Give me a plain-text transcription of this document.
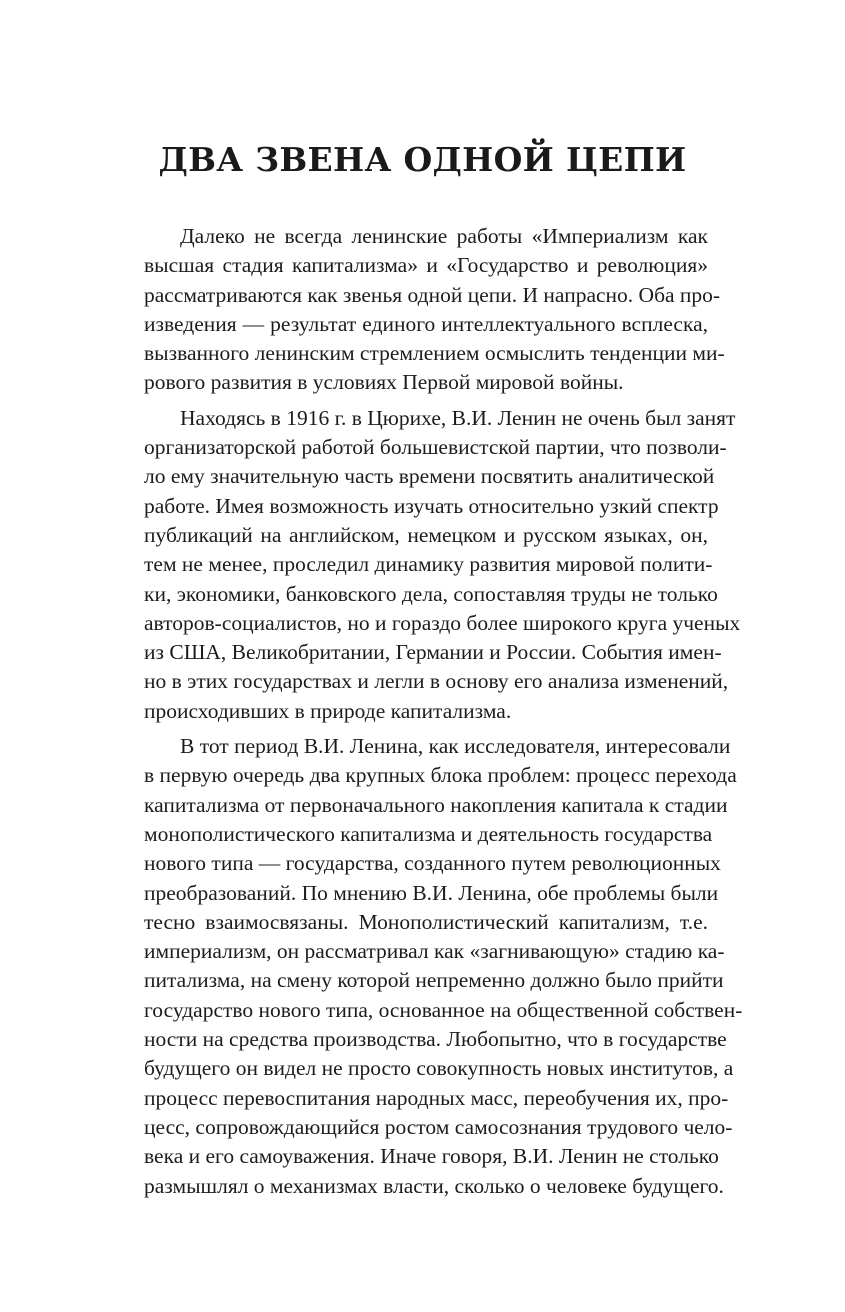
ДВА ЗВЕНА ОДНОЙ ЦЕПИ
Далеко не всегда ленинские работы «Империализм как
высшая стадия капитализма» и «Государство и революция»
рассматриваются как звенья одной цепи. И напрасно. Оба про-
изведения — результат единого интеллектуального всплеска,
вызванного ленинским стремлением осмыслить тенденции ми-
рового развития в условиях Первой мировой войны.
Находясь в 1916 г. в Цюрихе, В.И. Ленин не очень был занят
организаторской работой большевистской партии, что позволи-
ло ему значительную часть времени посвятить аналитической
работе. Имея возможность изучать относительно узкий спектр
публикаций на английском, немецком и русском языках, он,
тем не менее, проследил динамику развития мировой полити-
ки, экономики, банковского дела, сопоставляя труды не только
авторов-социалистов, но и гораздо более широкого круга ученых
из США, Великобритании, Германии и России. События имен-
но в этих государствах и легли в основу его анализа изменений,
происходивших в природе капитализма.
В тот период В.И. Ленина, как исследователя, интересовали
в первую очередь два крупных блока проблем: процесс перехода
капитализма от первоначального накопления капитала к стадии
монополистического капитализма и деятельность государства
нового типа — государства, созданного путем революционных
преобразований. По мнению В.И. Ленина, обе проблемы были
тесно взаимосвязаны. Монополистический капитализм, т.е.
империализм, он рассматривал как «загнивающую» стадию ка-
питализма, на смену которой непременно должно было прийти
государство нового типа, основанное на общественной собствен-
ности на средства производства. Любопытно, что в государстве
будущего он видел не просто совокупность новых институтов, а
процесс перевоспитания народных масс, переобучения их, про-
цесс, сопровождающийся ростом самосознания трудового чело-
века и его самоуважения. Иначе говоря, В.И. Ленин не столько
размышлял о механизмах власти, сколько о человеке будущего.
